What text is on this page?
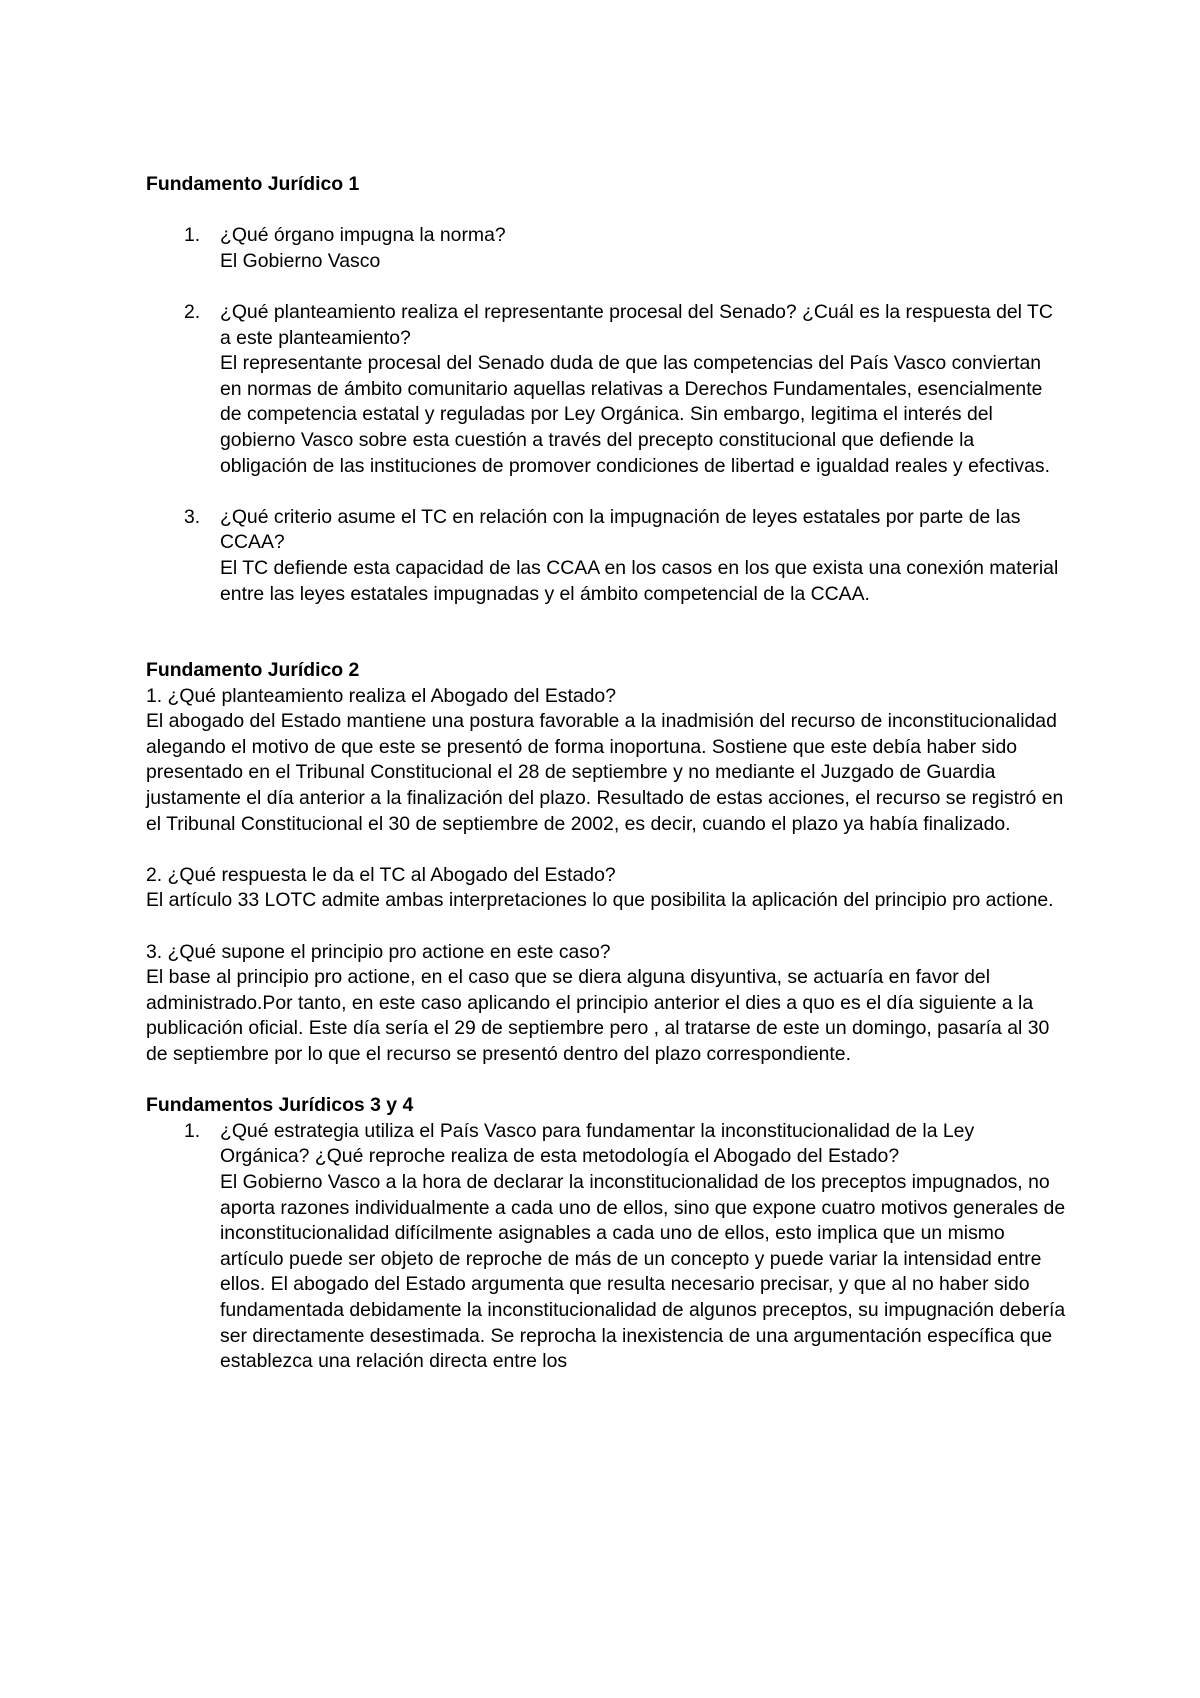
Fundamento Jurídico 1

1. ¿Qué órgano impugna la norma?

El Gobierno Vasco

2. ¿Qué planteamiento realiza el representante procesal del Senado? ¿Cuál es la respuesta del TC a este planteamiento?

El representante procesal del Senado duda de que las competencias del País Vasco conviertan en normas de ámbito comunitario aquellas relativas a Derechos Fundamentales, esencialmente de competencia estatal y reguladas por Ley Orgánica. Sin embargo, legitima el interés del gobierno Vasco sobre esta cuestión a través del precepto constitucional que defiende la obligación de las instituciones de promover condiciones de libertad e igualdad reales y efectivas.

3. ¿Qué criterio asume el TC en relación con la impugnación de leyes estatales por parte de las CCAA?

El TC defiende esta capacidad de las CCAA en los casos en los que exista una conexión material entre las leyes estatales impugnadas y el ámbito competencial de la CCAA.

Fundamento Jurídico 2

1. ¿Qué planteamiento realiza el Abogado del Estado?

El abogado del Estado mantiene una postura favorable a la inadmisión del recurso de inconstitucionalidad alegando el motivo de que este se presentó de forma inoportuna. Sostiene que este debía haber sido presentado en el Tribunal Constitucional el 28 de septiembre y no mediante el Juzgado de Guardia justamente el día anterior a la finalización del plazo. Resultado de estas acciones, el recurso se registró en el Tribunal Constitucional el 30 de septiembre de 2002, es decir, cuando el plazo ya había finalizado.

2. ¿Qué respuesta le da el TC al Abogado del Estado?

El artículo 33 LOTC admite ambas interpretaciones lo que posibilita la aplicación del principio pro actione.

3. ¿Qué supone el principio pro actione en este caso?

El base al principio pro actione, en el caso que se diera alguna disyuntiva, se actuaría en favor del administrado.Por tanto, en este caso aplicando el principio anterior el dies a quo es el día siguiente a la publicación oficial. Este día sería el 29 de septiembre pero , al tratarse de este un domingo, pasaría al 30 de septiembre por lo que el recurso se presentó dentro del plazo correspondiente.

Fundamentos Jurídicos 3 y 4

1. ¿Qué estrategia utiliza el País Vasco para fundamentar la inconstitucionalidad de la Ley Orgánica? ¿Qué reproche realiza de esta metodología el Abogado del Estado?

El Gobierno Vasco a la hora de declarar la inconstitucionalidad de los preceptos impugnados, no aporta razones individualmente a cada uno de ellos, sino que expone cuatro motivos generales de inconstitucionalidad difícilmente asignables a cada uno de ellos, esto implica que un mismo artículo puede ser objeto de reproche de más de un concepto y puede variar la intensidad entre ellos. El abogado del Estado argumenta que resulta necesario precisar, y que al no haber sido fundamentada debidamente la inconstitucionalidad de algunos preceptos, su impugnación debería ser directamente desestimada. Se reprocha la inexistencia de una argumentación específica que establezca una relación directa entre los
